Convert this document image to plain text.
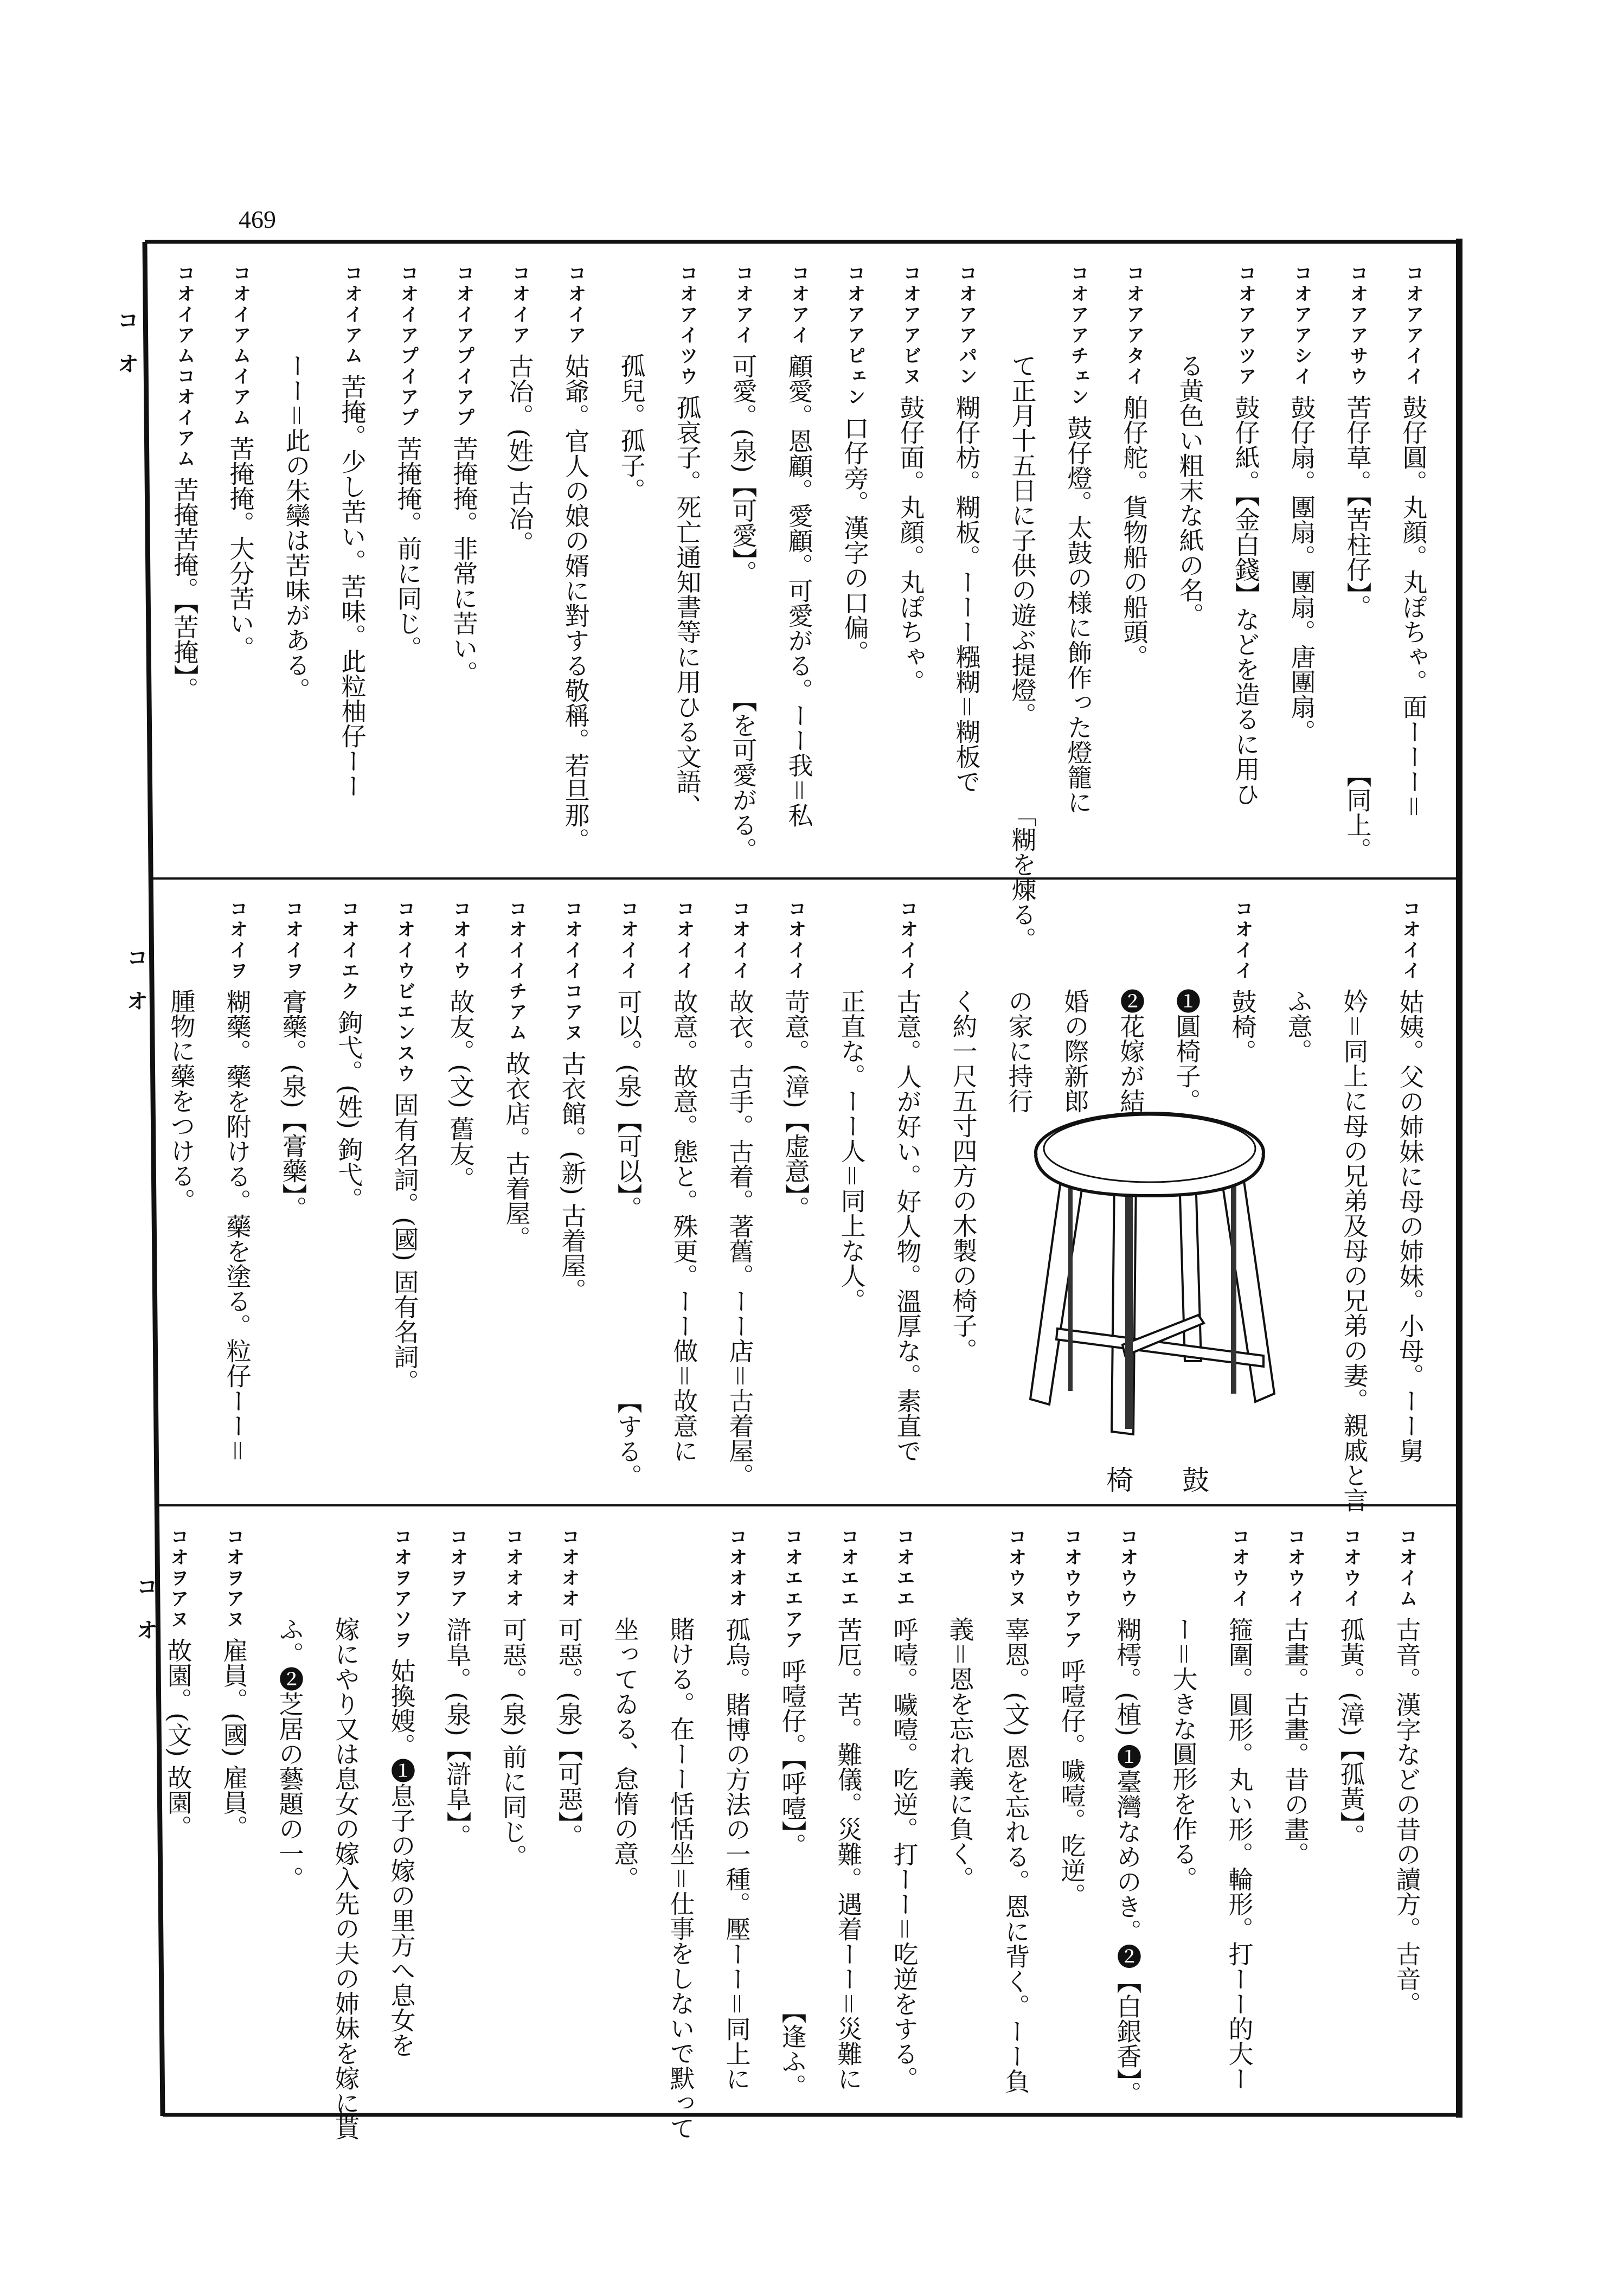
469
コオ
コオ
コオ
コオアアイイ
鼓仔圓。丸顔。丸ぽちゃ。面ーーー＝
コオアアサウ
苦仔草。【苦柱仔】。
【同上。
コオアアシイ
鼓仔扇。團扇。團扇。唐團扇。
コオアアツア
鼓仔紙。【金白錢】などを造るに用ひ
る黄色い粗末な紙の名。
コオアアタイ
舶仔舵。貨物船の船頭。
コオアアチェン
鼓仔燈。太鼓の様に飾作った燈籠に
て正月十五日に子供の遊ぶ提燈。
「糊を煉る。
コオアアパン
糊仔枋。糊板。ーーー糨糊＝糊板で
コオアアビヌ
鼓仔面。丸顔。丸ぽちゃ。
コオアアピェン
口仔旁。漢字の口偏。
コオアイ
顧愛。恩顧。愛顧。可愛がる。ーー我＝私
コオアイ
可愛。(泉)【可愛】。
【を可愛がる。
コオアイツウ
孤哀子。死亡通知書等に用ひる文語、
孤兒。孤子。
コオイア
姑爺。官人の娘の婿に對する敬稱。若旦那。
コオイア
古冶。(姓) 古冶。
コオイアプイアプ
苦掩掩。非常に苦い。
コオイアプイアプ
苦掩掩。前に同じ。
コオイアム
苦掩。少し苦い。苦味。此粒柚仔ーー
ーー＝此の朱欒は苦味がある。
コオイアムイアム
苦掩掩。大分苦い。
コオイアムコオイアム
苦掩苦掩。【苦掩】。
コオイイ
姑姨。父の姉妹に母の姉妹。小母。ーー舅
妗＝同上に母の兄弟及母の兄弟の妻。親戚と言
ふ意。
コオイイ
鼓椅。
❶圓椅子。
❷花嫁が結
婚の際新郎
の家に持行
く約一尺五寸四方の木製の椅子。
コオイイ
古意。人が好い。好人物。溫厚な。素直で
正直な。ーー人＝同上な人。
コオイイ
苛意。(漳)【虚意】。
コオイイ
故衣。古手。古着。著舊。ーー店＝古着屋。
コオイイ
故意。故意。態と。殊更。ーー做＝故意に
コオイイ
可以。(泉)【可以】。
【する。
コオイイコアヌ
古衣館。(新) 古着屋。
コオイイチアム
故衣店。古着屋。
コオイウ
故友。(文) 舊友。
コオイウビエンスウ
固有名詞。(國) 固有名詞。
コオイエク
鉤弋。(姓) 鉤弋。
コオイヲ
膏藥。(泉)【膏藥】。
コオイヲ
糊藥。藥を附ける。藥を塗る。粒仔ーー＝
腫物に藥をつける。
コオイム
古音。漢字などの昔の讀方。古音。
コオウイ
孤黃。(漳)【孤黃】。
コオウイ
古畫。古畫。昔の畫。
コオウイ
箍圍。圓形。丸い形。輪形。打ーー的大ー
ー＝大きな圓形を作る。
コオウウ
糊樗。(植) ❶臺灣なめのき。❷【白銀香】。
コオウウアア
呼噎仔。噦噎。吃逆。
コオウヌ
辜恩。(文) 恩を忘れる。恩に背く。ーー負
義＝恩を忘れ義に負く。
コオエエ
呼噎。噦噎。吃逆。打ーー＝吃逆をする。
コオエエ
苦厄。苦。難儀。災難。遇着ーー＝災難に
コオエエアア
呼噎仔。【呼噎】。
【逢ふ。
コオオオ
孤烏。賭博の方法の一種。壓ーー＝同上に
賭ける。在ーー恬恬坐＝仕事をしないで默って
坐ってゐる、怠惰の意。
コオオオ
可惡。(泉)【可惡】。
コオオオ
可惡。(泉) 前に同じ。
コオヲア
滸阜。(泉)【滸阜】。
コオヲアソヲ
姑換嫂。❶息子の嫁の里方へ息女を
嫁にやり又は息女の嫁入先の夫の姉妹を嫁に貰
ふ。❷芝居の藝題の一。
コオヲアヌ
雇員。(國) 雇員。
コオヲアヌ
故園。(文) 故園。
椅 鼓
